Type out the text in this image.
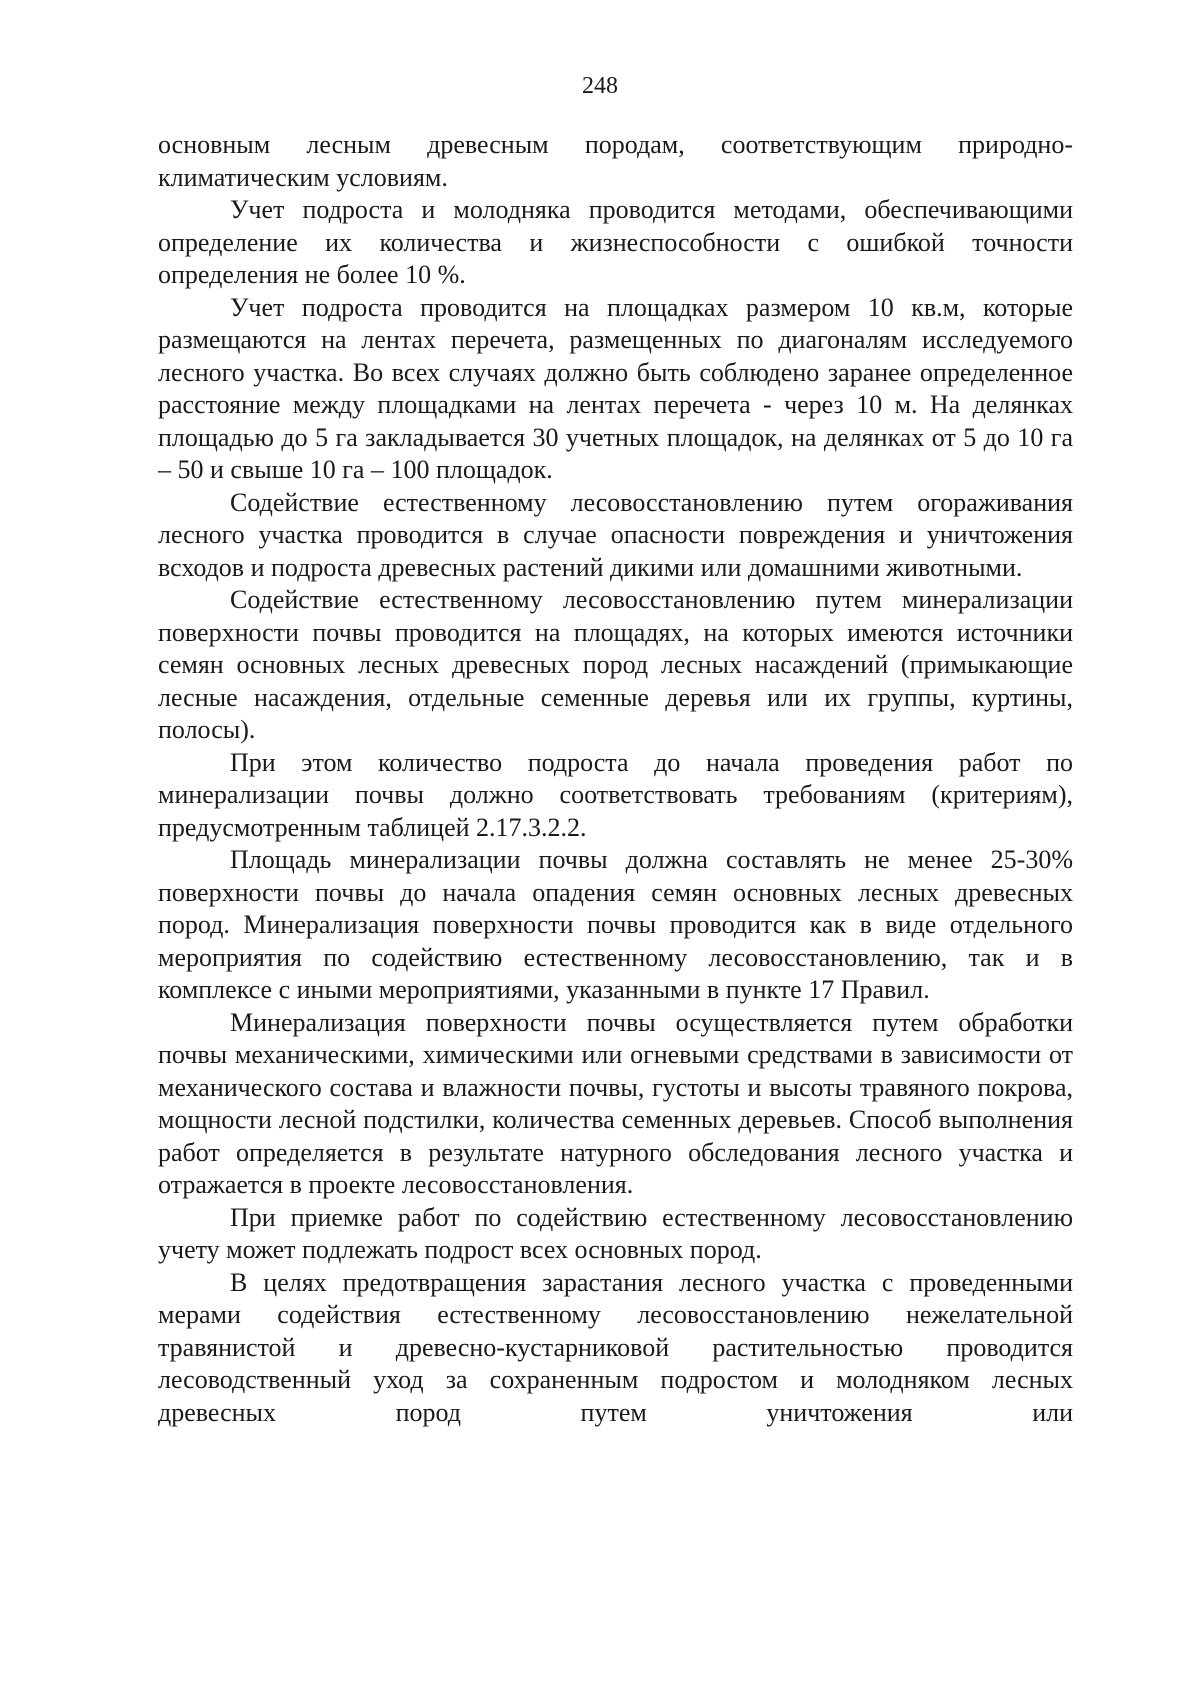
248

основным лесным древесным породам, соответствующим природно-климатическим условиям.

Учет подроста и молодняка проводится методами, обеспечивающими определение их количества и жизнеспособности с ошибкой точности определения не более 10 %.

Учет подроста проводится на площадках размером 10 кв.м, которые размещаются на лентах перечета, размещенных по диагоналям исследуемого лесного участка. Во всех случаях должно быть соблюдено заранее определенное расстояние между площадками на лентах перечета - через 10 м. На делянках площадью до 5 га закладывается 30 учетных площадок, на делянках от 5 до 10 га – 50 и свыше 10 га – 100 площадок.

Содействие естественному лесовосстановлению путем огораживания лесного участка проводится в случае опасности повреждения и уничтожения всходов и подроста древесных растений дикими или домашними животными.

Содействие естественному лесовосстановлению путем минерализации поверхности почвы проводится на площадях, на которых имеются источники семян основных лесных древесных пород лесных насаждений (примыкающие лесные насаждения, отдельные семенные деревья или их группы, куртины, полосы).

При этом количество подроста до начала проведения работ по минерализации почвы должно соответствовать требованиям (критериям), предусмотренным таблицей 2.17.3.2.2.

Площадь минерализации почвы должна составлять не менее 25-30% поверхности почвы до начала опадения семян основных лесных древесных пород. Минерализация поверхности почвы проводится как в виде отдельного мероприятия по содействию естественному лесовосстановлению, так и в комплексе с иными мероприятиями, указанными в пункте 17 Правил.

Минерализация поверхности почвы осуществляется путем обработки почвы механическими, химическими или огневыми средствами в зависимости от механического состава и влажности почвы, густоты и высоты травяного покрова, мощности лесной подстилки, количества семенных деревьев. Способ выполнения работ определяется в результате натурного обследования лесного участка и отражается в проекте лесовосстановления.

При приемке работ по содействию естественному лесовосстановлению учету может подлежать подрост всех основных пород.

В целях предотвращения зарастания лесного участка с проведенными мерами содействия естественному лесовосстановлению нежелательной травянистой и древесно-кустарниковой растительностью проводится лесоводственный уход за сохраненным подростом и молодняком лесных древесных пород путем уничтожения или
